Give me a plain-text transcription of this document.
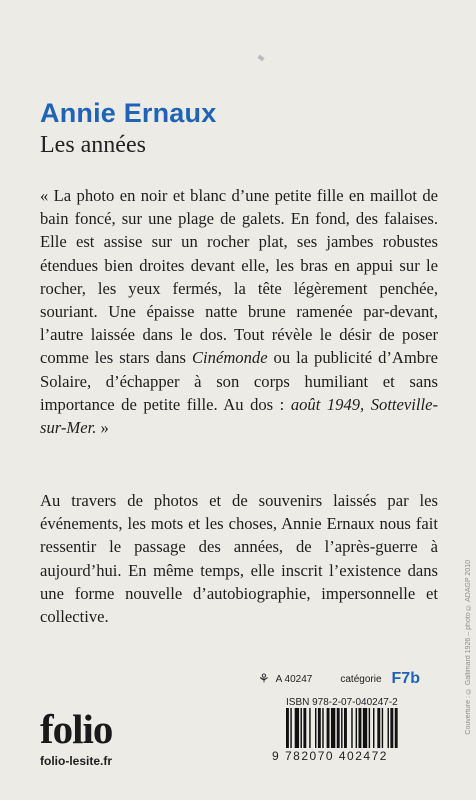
Annie Ernaux
Les années
« La photo en noir et blanc d’une petite fille en maillot de bain foncé, sur une plage de galets. En fond, des falaises. Elle est assise sur un rocher plat, ses jambes robustes étendues bien droites devant elle, les bras en appui sur le rocher, les yeux fermés, la tête légèrement penchée, souriant. Une épaisse natte brune ramenée par-devant, l’autre laissée dans le dos. Tout révèle le désir de poser comme les stars dans Cinémonde ou la publicité d’Ambre Solaire, d’échapper à son corps humiliant et sans importance de petite fille. Au dos : août 1949, Sotteville-sur-Mer. »
Au travers de photos et de souvenirs laissés par les événements, les mots et les choses, Annie Ernaux nous fait ressentir le passage des années, de l’après-guerre à aujourd’hui. En même temps, elle inscrit l’existence dans une forme nouvelle d’autobiographie, impersonnelle et collective.	Couverture : © Gallimard 1926 – photo © ADAGP 2010
⚘ A 40247	catégorie F7b
ISBN 978-2-07-040247-2
9 782070 402472
folio
folio-lesite.fr
